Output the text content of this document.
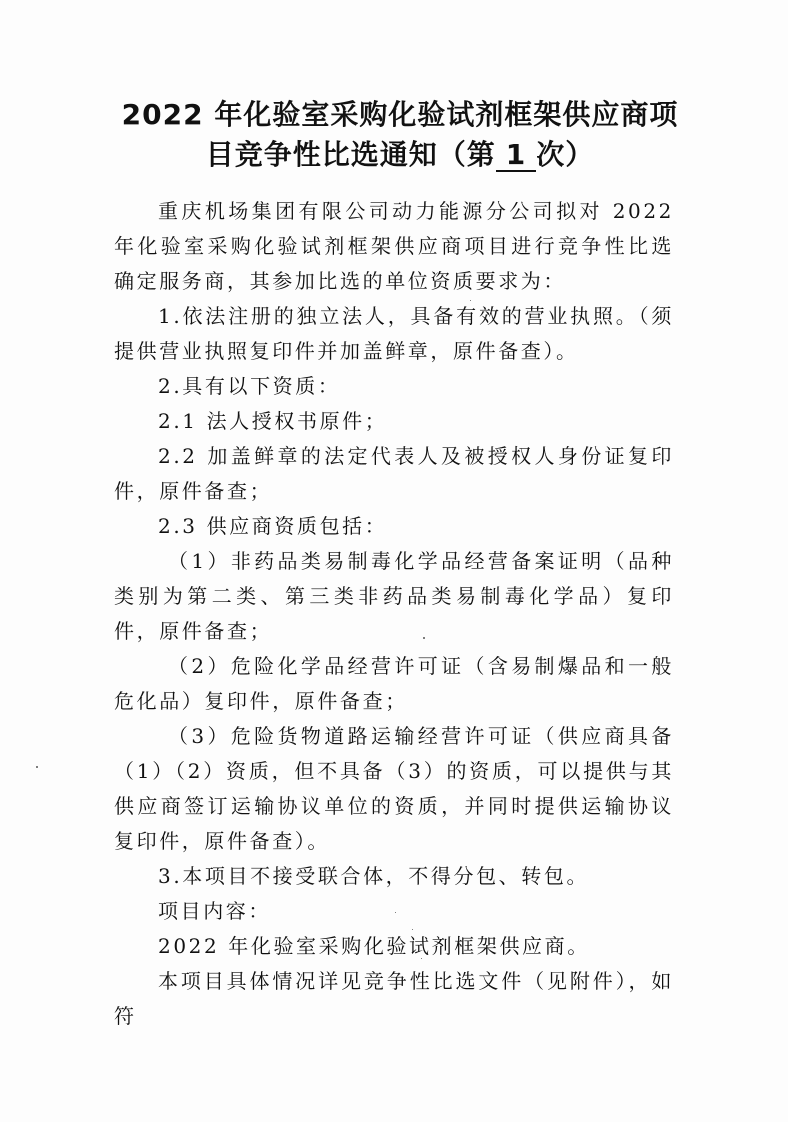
2022 年化验室采购化验试剂框架供应商项
目竞争性比选通知（第 1 次）

重庆机场集团有限公司动力能源分公司拟对 2022 年化验室采购化验试剂框架供应商项目进行竞争性比选确定服务商，其参加比选的单位资质要求为：

1.依法注册的独立法人，具备有效的营业执照。（须提供营业执照复印件并加盖鲜章，原件备查）。

2.具有以下资质：

2.1 法人授权书原件；

2.2 加盖鲜章的法定代表人及被授权人身份证复印件，原件备查；

2.3 供应商资质包括：

（1）非药品类易制毒化学品经营备案证明（品种类别为第二类、第三类非药品类易制毒化学品）复印件，原件备查；

（2）危险化学品经营许可证（含易制爆品和一般危化品）复印件，原件备查；

（3）危险货物道路运输经营许可证（供应商具备（1）（2）资质，但不具备（3）的资质，可以提供与其供应商签订运输协议单位的资质，并同时提供运输协议复印件，原件备查）。

3.本项目不接受联合体，不得分包、转包。

项目内容：

2022 年化验室采购化验试剂框架供应商。

本项目具体情况详见竞争性比选文件（见附件），如符
